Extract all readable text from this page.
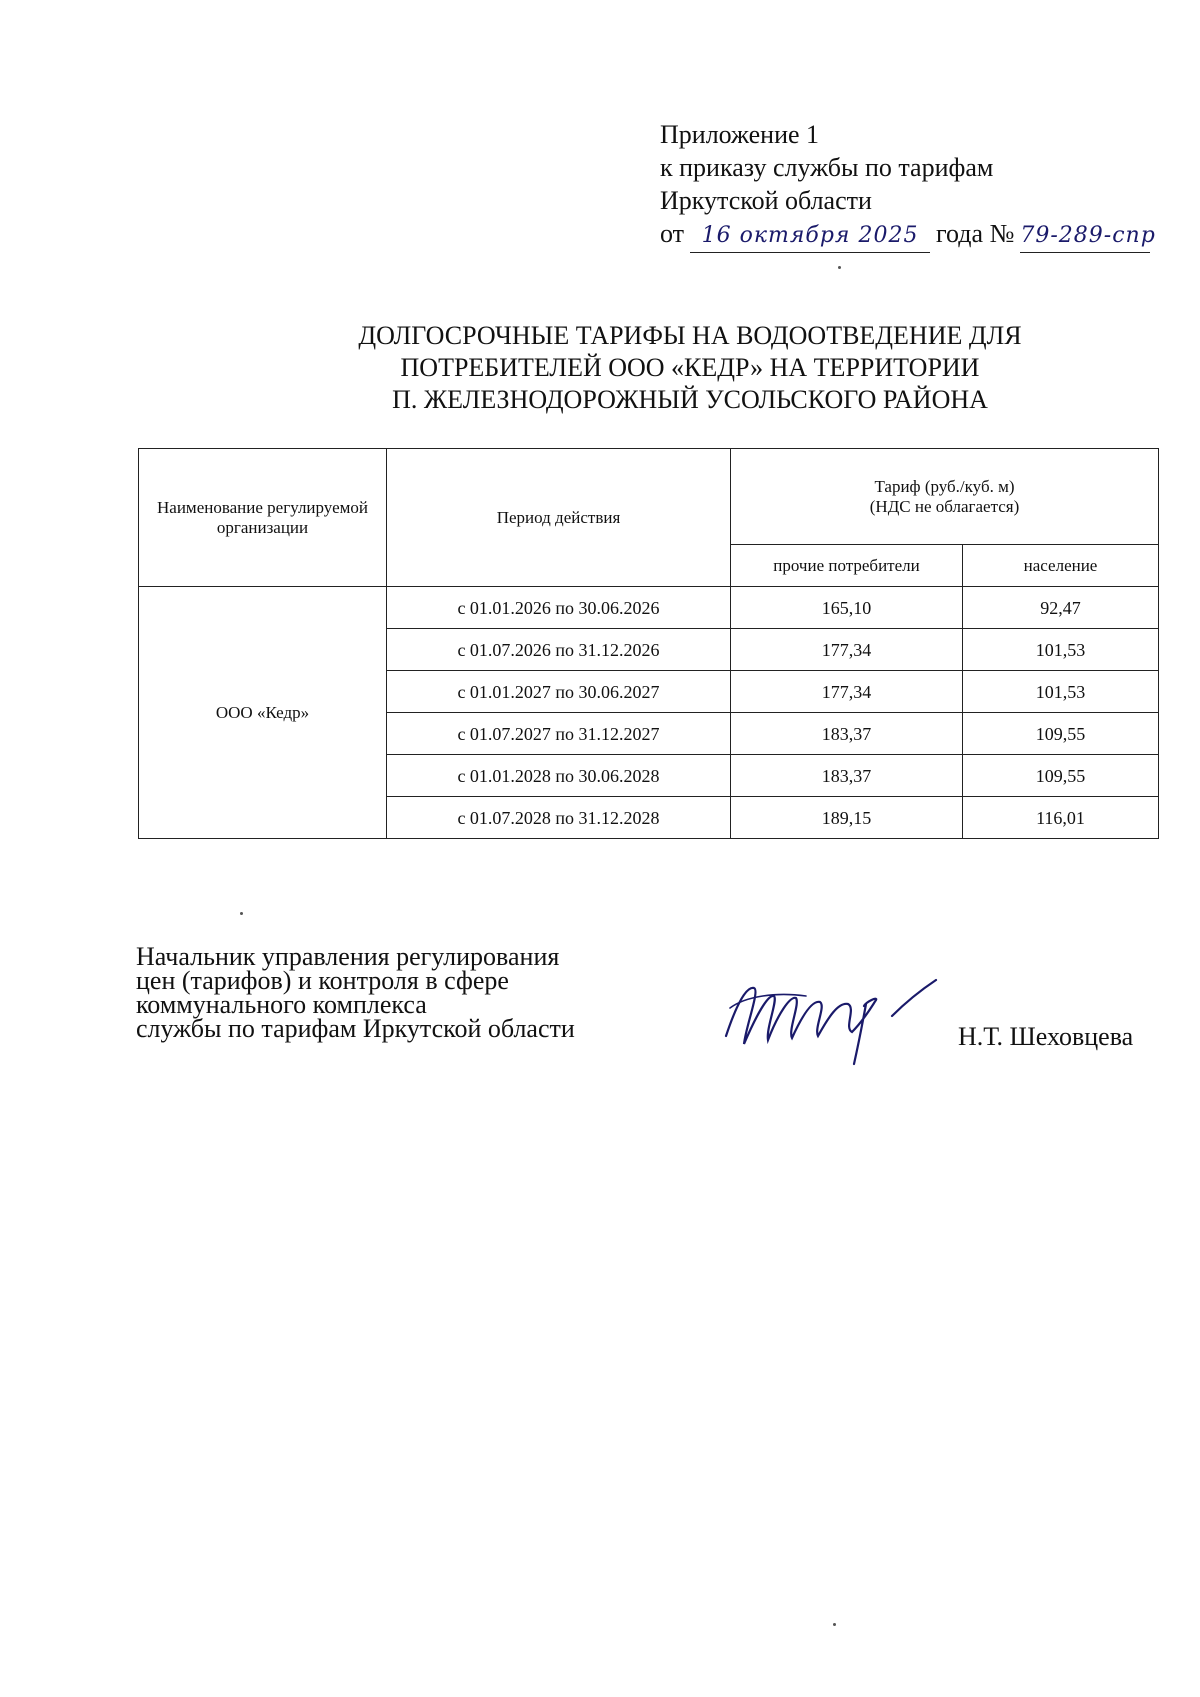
Приложение 1
к приказу службы по тарифам
Иркутской области
от 16 октября 2025 года № 79-289-спр
ДОЛГОСРОЧНЫЕ ТАРИФЫ НА ВОДООТВЕДЕНИЕ ДЛЯ
ПОТРЕБИТЕЛЕЙ ООО «КЕДР» НА ТЕРРИТОРИИ
П. ЖЕЛЕЗНОДОРОЖНЫЙ УСОЛЬСКОГО РАЙОНА
Наименование регулируемой организации	Период действия	Тариф (руб./куб. м)
(НДС не облагается)	

		прочие потребители	население
ООО «Кедр»	с 01.01.2026 по 30.06.2026	165,10	92,47
	с 01.07.2026 по 31.12.2026	177,34	101,53
	с 01.01.2027 по 30.06.2027	177,34	101,53
	с 01.07.2027 по 31.12.2027	183,37	109,55
	с 01.01.2028 по 30.06.2028	183,37	109,55
	с 01.07.2028 по 31.12.2028	189,15	116,01
Начальник управления регулирования
цен (тарифов) и контроля в сфере
коммунального комплекса
службы по тарифам Иркутской области	Н.Т. Шеховцева
